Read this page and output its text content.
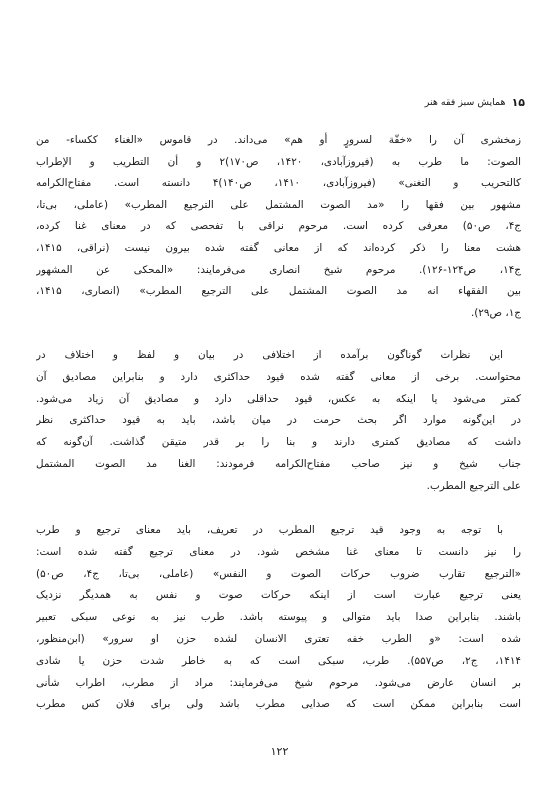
۱۵
همایش سبز فقه هنر
زمخشری آن را «خفّة لسرورٍ أو هم» می‌داند. در قاموس «الغناء ککساء- من
الصوت: ما طرب به (فیروزآبادی، ۱۴۲۰، ص۱۷۰)۲ و أن التطریب و الإطراب
کالتحریب و التغنی» (فیروزآبادی، ۱۴۱۰، ص۱۴۰)۴ دانسته است. مفتاح‌الکرامه
مشهور بین فقها را «مد الصوت المشتمل علی الترجیع المطرب» (عاملی، بی‌تا،
ج۴، ص۵۰) معرفی کرده است. مرحوم نراقی با تفحصی که در معنای غنا کرده،
هشت معنا را ذکر کرده‌اند که از معانی گفته شده بیرون نیست (نراقی، ۱۴۱۵،
ج۱۴، ص۱۲۴-۱۲۶). مرحوم شیخ انصاری می‌فرمایند: «المحکی عن المشهور
بین الفقهاء انه مد الصوت المشتمل علی الترجیع المطرب» (انصاری، ۱۴۱۵،
ج۱، ص۲۹).
این نظرات گوناگون برآمده از اختلافی در بیان و لفظ و اختلاف در
محتواست. برخی از معانی گفته شده قیود حداکثری دارد و بنابراین مصادیق آن
کمتر می‌شود یا اینکه به عکس، قیود حداقلی دارد و مصادیق آن زیاد می‌شود.
در این‌گونه موارد اگر بحث حرمت در میان باشد، باید به قیود حداکثری نظر
داشت که مصادیق کمتری دارند و بنا را بر قدر متیقن گذاشت. آن‌گونه که
جناب شیخ و نیز صاحب مفتاح‌الکرامه فرمودند: الغنا مد الصوت المشتمل
علی الترجیع المطرب.
با توجه به وجود قید ترجیع المطرب در تعریف، باید معنای ترجیع و طرب
را نیز دانست تا معنای غنا مشخص شود. در معنای ترجیع گفته شده است:
«الترجیع تقارب ضروب حرکات الصوت و النفس» (عاملی، بی‌تا، ج۴، ص۵۰)
یعنی ترجیع عبارت است از اینکه حرکات صوت و نفس به همدیگر نزدیک
باشند. بنابراین صدا باید متوالی و پیوسته باشد. طرب نیز به نوعی سبکی تعبیر
شده است: «و الطرب خفه تعتری الانسان لشده حزن او سرور» (ابن‌منظور،
۱۴۱۴، ج۲، ص۵۵۷). طرب، سبکی است که به خاطر شدت حزن یا شادی
بر انسان عارض می‌شود. مرحوم شیخ می‌فرمایند: مراد از مطرب، اطراب شأنی
است بنابراین ممکن است که صدایی مطرب باشد ولی برای فلان کس مطرب
۱۲۲
